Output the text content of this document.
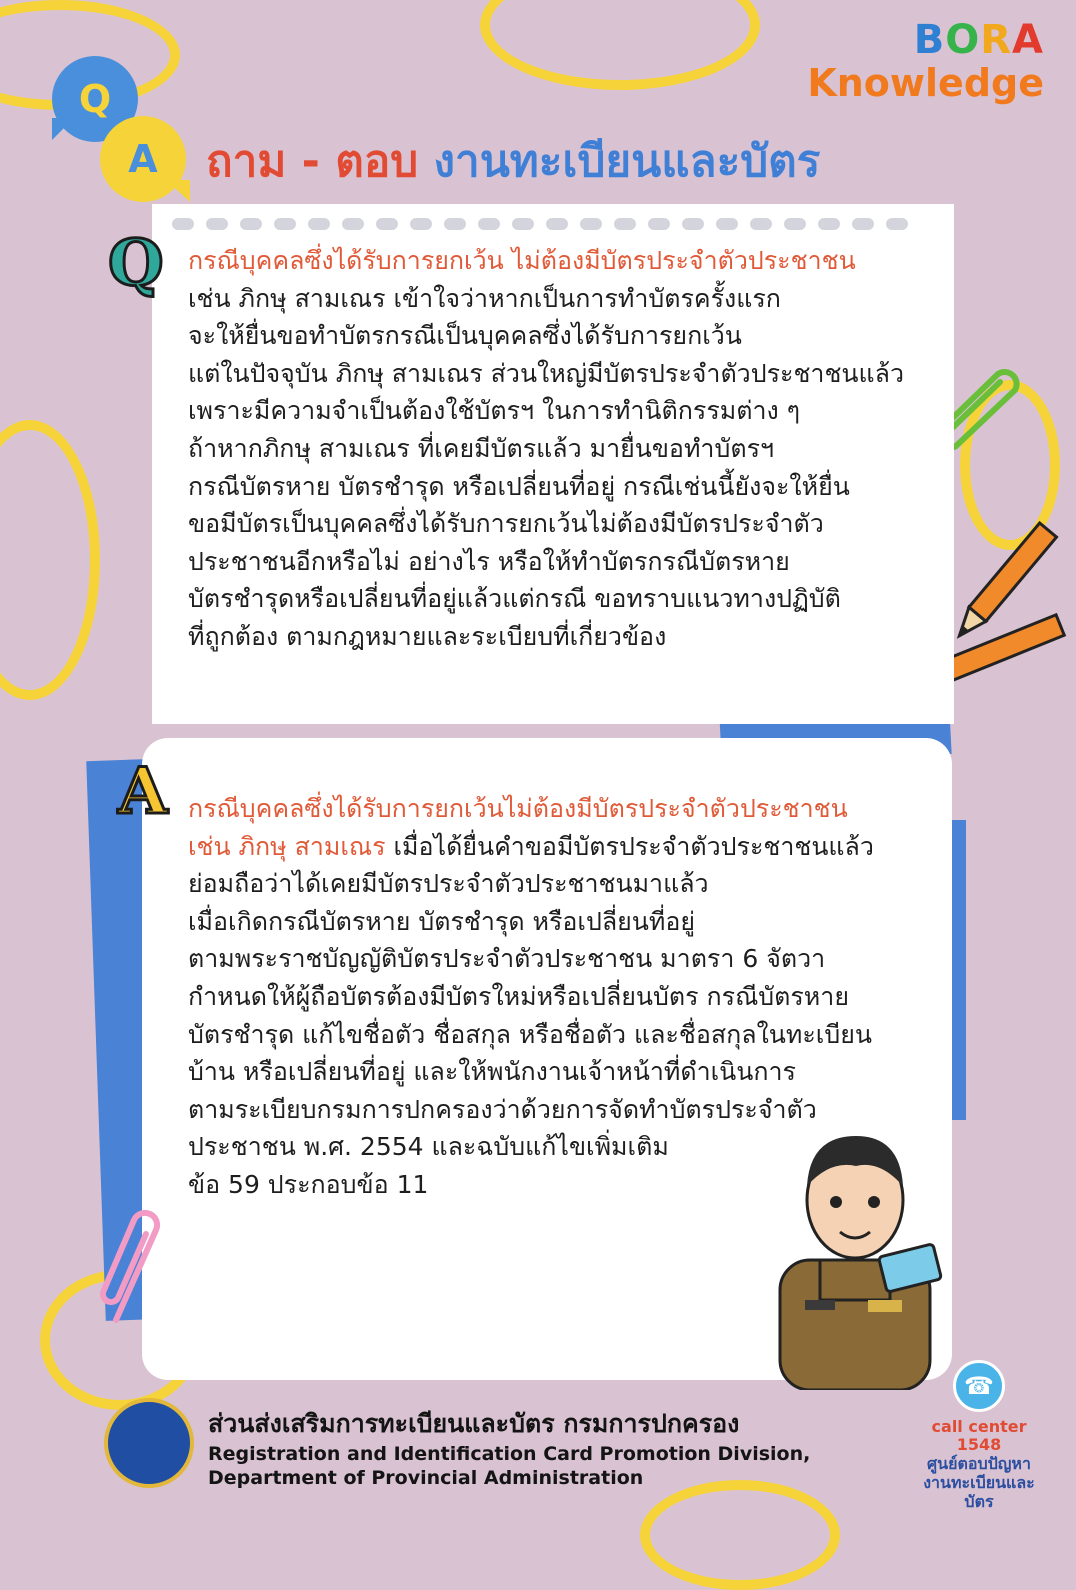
BORA
Knowledge
Q
A ถาม - ตอบ งานทะเบียนและบัตร
Q กรณีบุคคลซึ่งได้รับการยกเว้น ไม่ต้องมีบัตรประจำตัวประชาชน
เช่น ภิกษุ สามเณร เข้าใจว่าหากเป็นการทำบัตรครั้งแรก
จะให้ยื่นขอทำบัตรกรณีเป็นบุคคลซึ่งได้รับการยกเว้น
แต่ในปัจจุบัน ภิกษุ สามเณร ส่วนใหญ่มีบัตรประจำตัวประชาชนแล้ว
เพราะมีความจำเป็นต้องใช้บัตรฯ ในการทำนิติกรรมต่าง ๆ
ถ้าหากภิกษุ สามเณร ที่เคยมีบัตรแล้ว มายื่นขอทำบัตรฯ
กรณีบัตรหาย บัตรชำรุด หรือเปลี่ยนที่อยู่ กรณีเช่นนี้ยังจะให้ยื่น
ขอมีบัตรเป็นบุคคลซึ่งได้รับการยกเว้นไม่ต้องมีบัตรประจำตัว
ประชาชนอีกหรือไม่ อย่างไร หรือให้ทำบัตรกรณีบัตรหาย
บัตรชำรุดหรือเปลี่ยนที่อยู่แล้วแต่กรณี ขอทราบแนวทางปฏิบัติ
ที่ถูกต้อง ตามกฎหมายและระเบียบที่เกี่ยวข้อง
A กรณีบุคคลซึ่งได้รับการยกเว้นไม่ต้องมีบัตรประจำตัวประชาชน
เช่น ภิกษุ สามเณร เมื่อได้ยื่นคำขอมีบัตรประจำตัวประชาชนแล้ว
ย่อมถือว่าได้เคยมีบัตรประจำตัวประชาชนมาแล้ว
เมื่อเกิดกรณีบัตรหาย บัตรชำรุด หรือเปลี่ยนที่อยู่
ตามพระราชบัญญัติบัตรประจำตัวประชาชน มาตรา 6 จัตวา
กำหนดให้ผู้ถือบัตรต้องมีบัตรใหม่หรือเปลี่ยนบัตร กรณีบัตรหาย
บัตรชำรุด แก้ไขชื่อตัว ชื่อสกุล หรือชื่อตัว และชื่อสกุลในทะเบียน
บ้าน หรือเปลี่ยนที่อยู่ และให้พนักงานเจ้าหน้าที่ดำเนินการ
ตามระเบียบกรมการปกครองว่าด้วยการจัดทำบัตรประจำตัว
ประชาชน พ.ศ. 2554 และฉบับแก้ไขเพิ่มเติม
ข้อ 59 ประกอบข้อ 11
ส่วนส่งเสริมการทะเบียนและบัตร กรมการปกครอง
Registration and Identification Card Promotion Division,
Department of Provincial Administration
☎
call center
1548
ศูนย์ตอบปัญหา
งานทะเบียนและบัตร
